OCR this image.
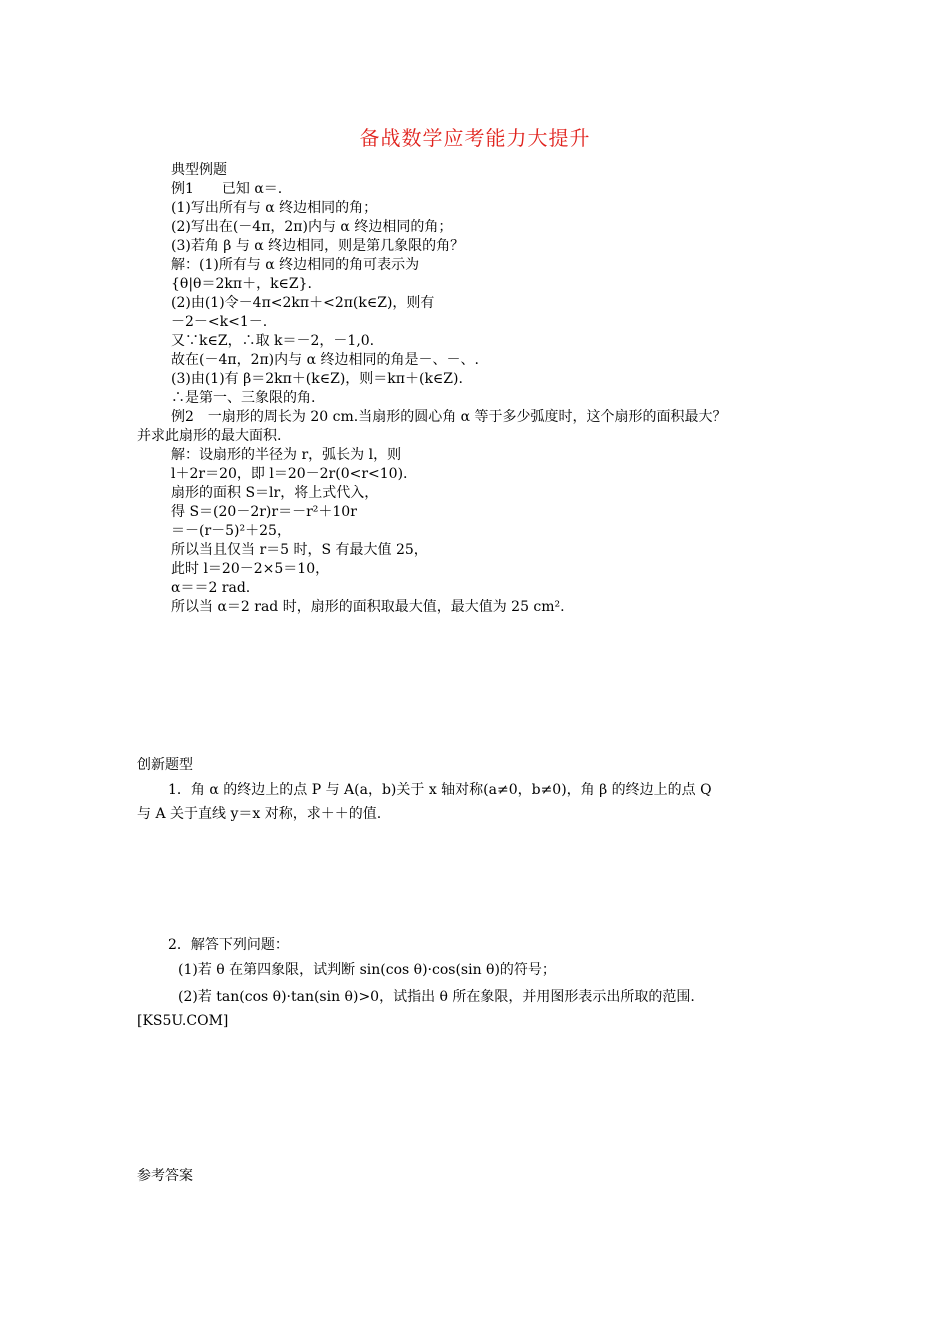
备战数学应考能力大提升
典型例题
例1　　已知 α＝.
(1)写出所有与 α 终边相同的角；
(2)写出在(－4π，2π)内与 α 终边相同的角；
(3)若角 β 与 α 终边相同，则是第几象限的角？
解：(1)所有与 α 终边相同的角可表示为
{θ|θ＝2kπ＋，k∈Z}.
(2)由(1)令－4π<2kπ＋<2π(k∈Z)，则有
－2－<k<1－.
又∵k∈Z，∴取 k＝－2，－1,0.
故在(－4π，2π)内与 α 终边相同的角是－、－、.
(3)由(1)有 β＝2kπ＋(k∈Z)，则＝kπ＋(k∈Z).
∴是第一、三象限的角.
例2　一扇形的周长为 20 cm.当扇形的圆心角 α 等于多少弧度时，这个扇形的面积最大？
并求此扇形的最大面积.
解：设扇形的半径为 r，弧长为 l，则
l＋2r＝20，即 l＝20－2r(0<r<10).
扇形的面积 S＝lr，将上式代入，
得 S＝(20－2r)r＝－r²＋10r
＝－(r－5)²＋25，
所以当且仅当 r＝5 时，S 有最大值 25，
此时 l＝20－2×5＝10，
α＝＝2 rad.
所以当 α＝2 rad 时，扇形的面积取最大值，最大值为 25 cm².
创新题型
1．角 α 的终边上的点 P 与 A(a，b)关于 x 轴对称(a≠0，b≠0)，角 β 的终边上的点 Q
与 A 关于直线 y＝x 对称，求＋＋的值.
2．解答下列问题：
(1)若 θ 在第四象限，试判断 sin(cos θ)·cos(sin θ)的符号；
(2)若 tan(cos θ)·tan(sin θ)>0，试指出 θ 所在象限，并用图形表示出所取的范围.
[KS5U.COM]
参考答案
